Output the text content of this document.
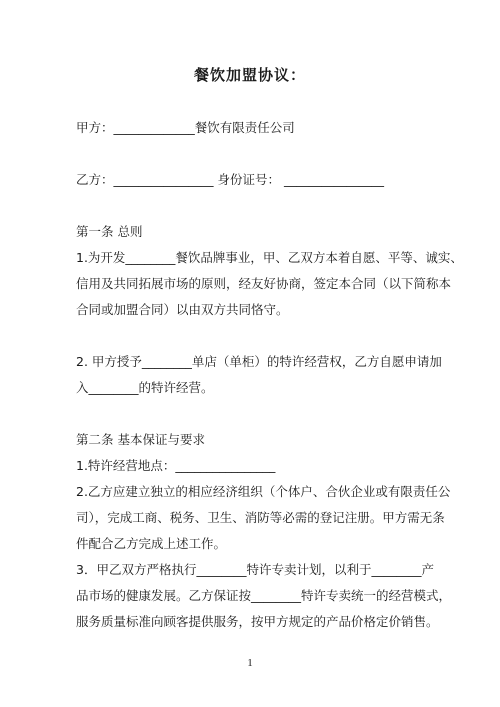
餐饮加盟协议：
甲方：_____________餐饮有限责任公司
乙方：________________ 身份证号： ________________
第一条 总则
1.为开发________餐饮品牌事业，甲、乙双方本着自愿、平等、诚实、
信用及共同拓展市场的原则，经友好协商，签定本合同（以下简称本
合同或加盟合同）以由双方共同恪守。
2. 甲方授予________单店（单柜）的特许经营权，乙方自愿申请加
入________的特许经营。
第二条 基本保证与要求
1.特许经营地点：________________
2.乙方应建立独立的相应经济组织（个体户、合伙企业或有限责任公
司），完成工商、税务、卫生、消防等必需的登记注册。甲方需无条
件配合乙方完成上述工作。
3．甲乙双方严格执行________特许专卖计划，以利于________产
品市场的健康发展。乙方保证按________特许专卖统一的经营模式，
服务质量标准向顾客提供服务，按甲方规定的产品价格定价销售。
1
